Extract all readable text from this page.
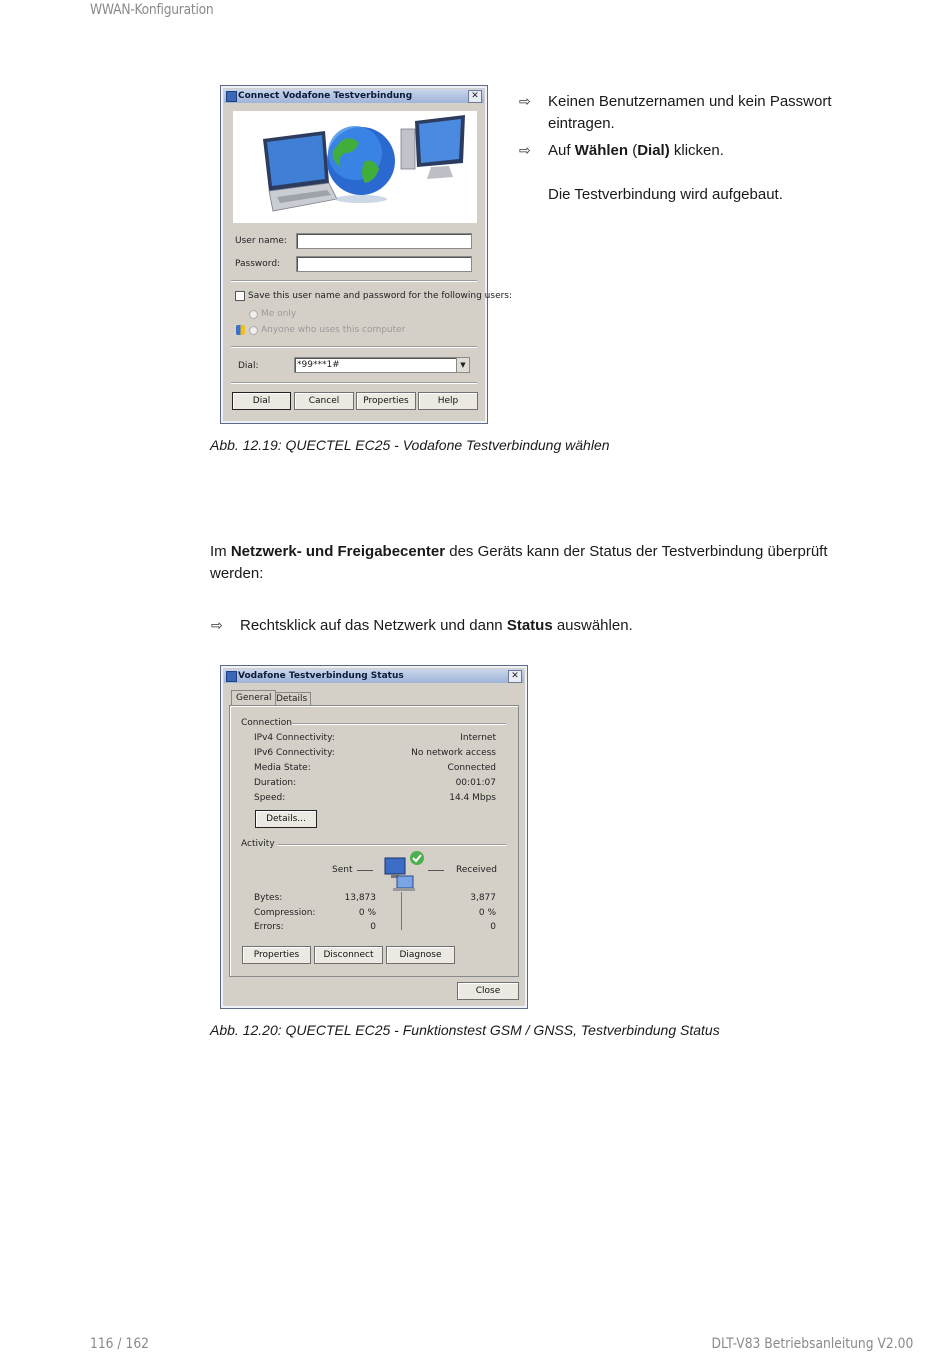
WWAN-Konfiguration
116 / 162	DLT-V83 Betriebsanleitung V2.00
Connect Vodafone Testverbindung	✕
User name:
Password:
Save this user name and password for the following users:
Me only
Anyone who uses this computer
Dial:	*99***1#	▼
Dial	Cancel	Properties	Help
⇨ Keinen Benutzernamen und kein Passwort
eintragen.
⇨ Auf Wählen (Dial) klicken.
Die Testverbindung wird aufgebaut.
Abb. 12.19: QUECTEL EC25 - Vodafone Testverbindung wählen
Im Netzwerk- und Freigabecenter des Geräts kann der Status der Testverbindung überprüft
werden:
⇨ Rechtsklick auf das Netzwerk und dann Status auswählen.
Vodafone Testverbindung Status	✕
General Details
Connection
IPv4 Connectivity:	Internet
IPv6 Connectivity:	No network access
Media State:	Connected
Duration:	00:01:07
Speed:	14.4 Mbps
Details...
Activity
Sent	Received
Bytes:	13,873	3,877
Compression:	0 %	0 %
Errors:	0	0
Properties	Disconnect	Diagnose
Close
Abb. 12.20: QUECTEL EC25 - Funktionstest GSM / GNSS, Testverbindung Status
